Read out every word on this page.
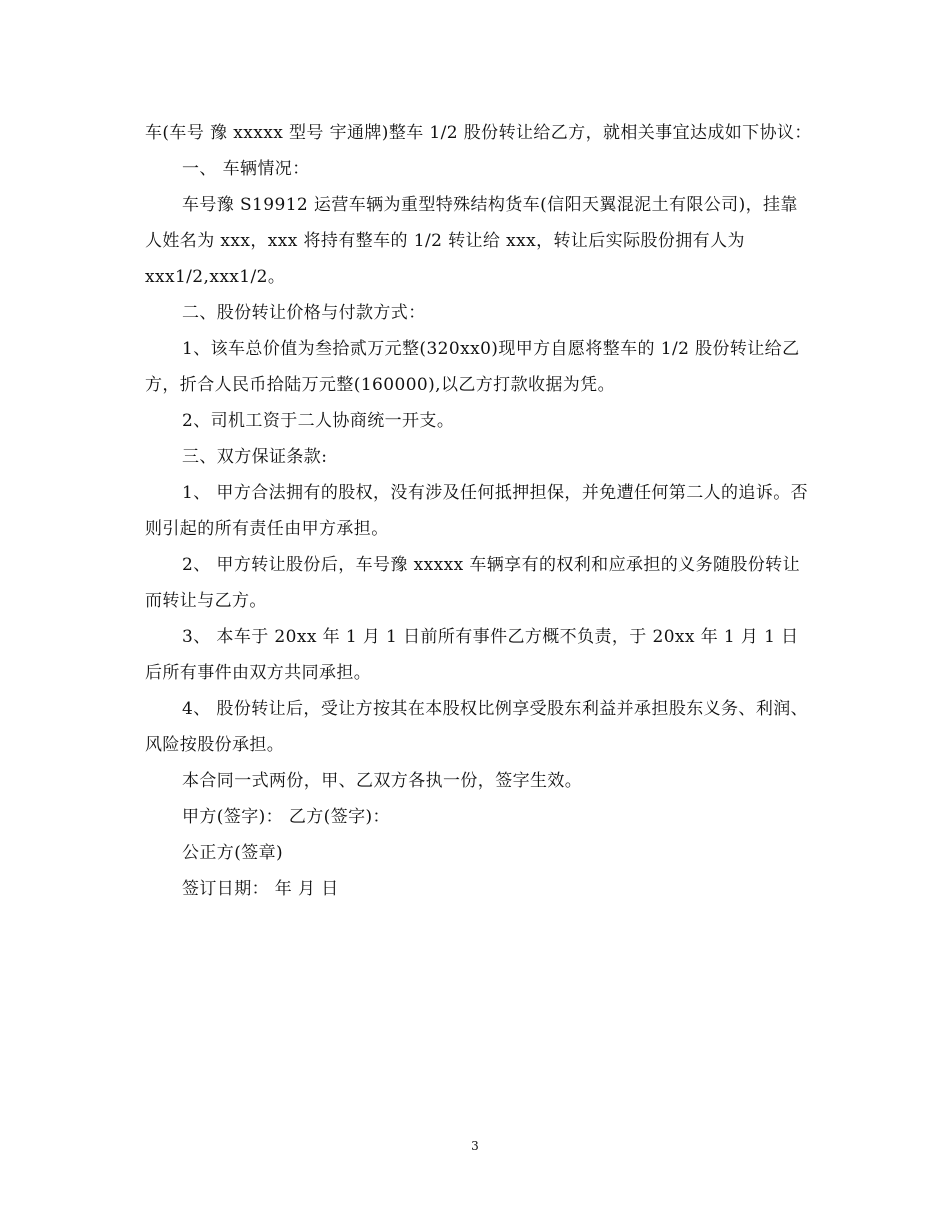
车(车号 豫 xxxxx 型号 宇通牌)整车 1/2 股份转让给乙方，就相关事宜达成如下协议：

一、 车辆情况：

车号豫 S19912 运营车辆为重型特殊结构货车(信阳天翼混泥土有限公司)，挂靠人姓名为 xxx，xxx 将持有整车的 1/2 转让给 xxx，转让后实际股份拥有人为 xxx1/2,xxx1/2。

二、股份转让价格与付款方式：

1、该车总价值为叁拾贰万元整(320xx0)现甲方自愿将整车的 1/2 股份转让给乙方，折合人民币拾陆万元整(160000),以乙方打款收据为凭。

2、司机工资于二人协商统一开支。

三、双方保证条款:

1、 甲方合法拥有的股权，没有涉及任何抵押担保，并免遭任何第二人的追诉。否则引起的所有责任由甲方承担。

2、 甲方转让股份后，车号豫 xxxxx 车辆享有的权利和应承担的义务随股份转让而转让与乙方。

3、 本车于 20xx 年 1 月 1 日前所有事件乙方概不负责，于 20xx 年 1 月 1 日后所有事件由双方共同承担。

4、 股份转让后，受让方按其在本股权比例享受股东利益并承担股东义务、利润、风险按股份承担。

本合同一式两份，甲、乙双方各执一份，签字生效。

甲方(签字)： 乙方(签字)：

公正方(签章)

签订日期： 年 月 日

3
